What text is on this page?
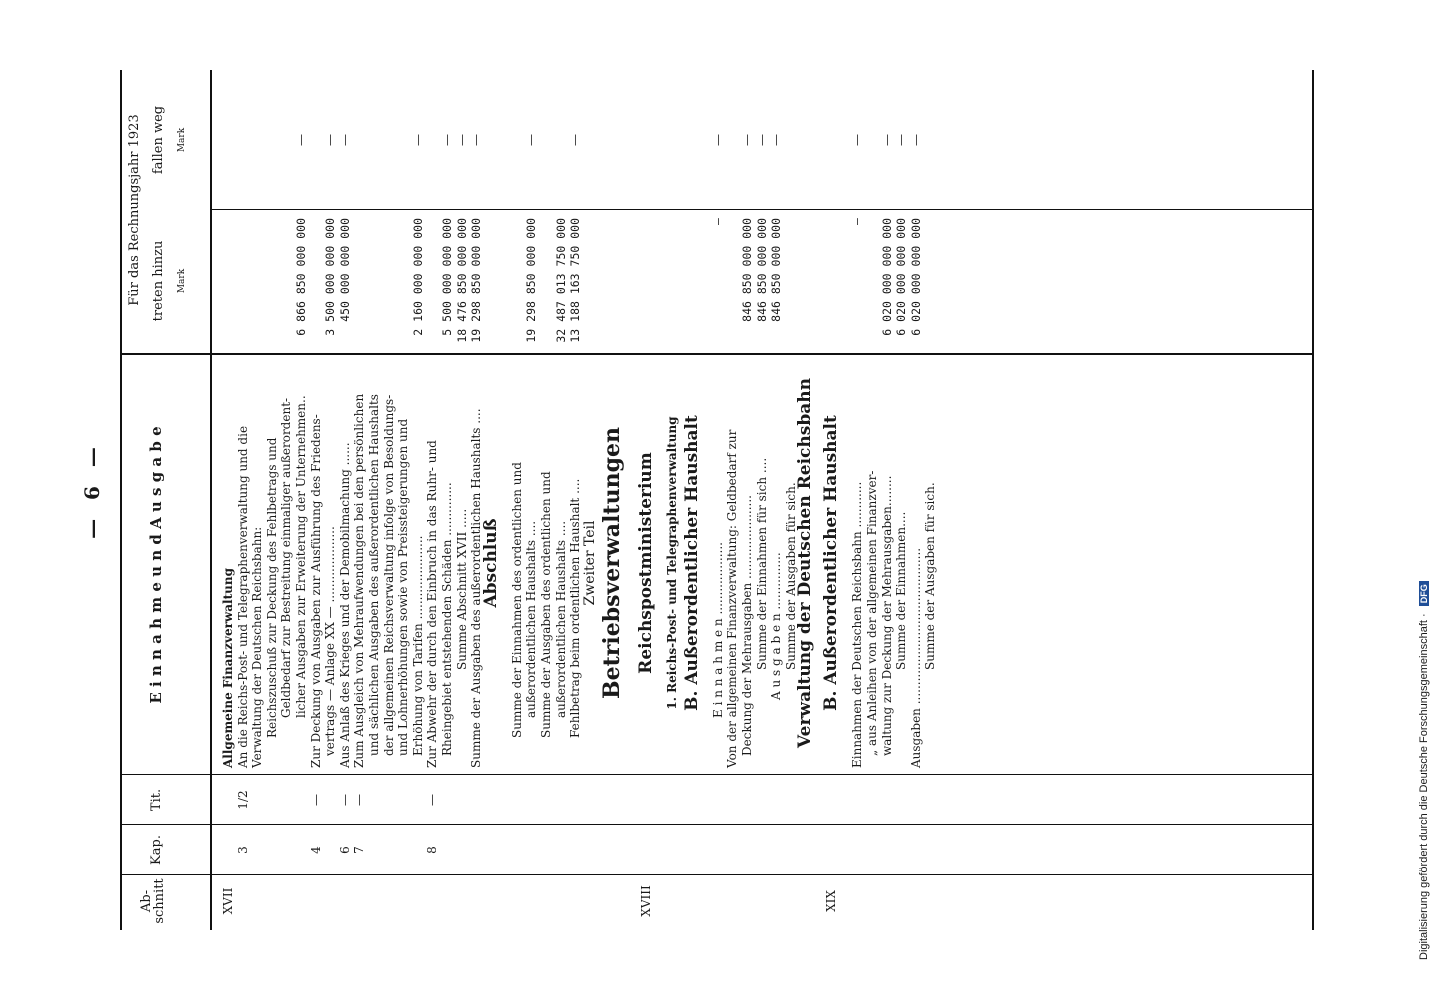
— 6 —
Ab-
schnitt
Kap.
Tit.
E i n n a h m e u n d A u s g a b e
Für das Rechnungsjahr 1923 treten hinzu
fallen weg
Mark
Mark
XVII
Allgemeine Finanzverwaltung
3
1/2
An die Reichs-Post- und Telegraphenverwaltung und die Verwaltung der Deutschen Reichsbahn: Reichszuschuß zur Deckung des Fehlbetrags und Geldbedarf zur Bestreitung einmaliger außerordent- licher Ausgaben zur Erweiterung der Unternehmen..
6 866 850 000 000
—
4
—
Zur Deckung von Ausgaben zur Ausführung des Friedens- vertrags — Anlage XX — ....................
3 500 000 000 000
—
6
—
Aus Anlaß des Krieges und der Demobilmachung ......
450 000 000 000
—
7
—
Zum Ausgleich von Mehraufwendungen bei den persönlichen und sächlichen Ausgaben des außerordentlichen Haushalts der allgemeinen Reichsverwaltung infolge von Besoldungs- und Lohnerhöhungen sowie von Preissteigerungen und Erhöhung von Tarifen ......................
2 160 000 000 000
—
8
—
Zur Abwehr der durch den Einbruch in das Ruhr- und Rheingebiet entstehenden Schäden ..............
5 500 000 000 000
—
Summe Abschnitt XVII .....
18 476 850 000 000
—
Summe der Ausgaben des außerordentlichen Haushalts ....
19 298 850 000 000
—
Abschluß Summe der Einnahmen des ordentlichen und außerordentlichen Haushalts ....
19 298 850 000 000
—
Summe der Ausgaben des ordentlichen und außerordentlichen Haushalts ....
32 487 013 750 000
Fehlbetrag beim ordentlichen Haushalt ....
13 188 163 750 000
—
Zweiter Teil Betriebsverwaltungen
XVIII
Reichspostministerium 1. Reichs-Post- und Telegraphenverwaltung B. Außerordentlicher Haushalt E i n n a h m e n ...................
—
—
Von der allgemeinen Finanzverwaltung: Geldbedarf zur Deckung der Mehrausgaben ......................
846 850 000 000
—
Summe der Einnahmen für sich ....
846 850 000 000
—
A u s g a b e n ...............
846 850 000 000
—
Summe der Ausgaben für sich.
Verwaltung der Deutschen Reichsbahn
XIX
B. Außerordentlicher Haushalt Einnahmen der Deutschen Reichsbahn ............
—
—
„ aus Anleihen von der allgemeinen Finanzver- waltung zur Deckung der Mehrausgaben........
6 020 000 000 000
—
Summe der Einnahmen....
6 020 000 000 000
—
Ausgaben .........................................
6 020 000 000 000
—
Summe der Ausgaben für sich.
Digitalisierung gefördert durch die Deutsche Forschungsgemeinschaft · DFG
